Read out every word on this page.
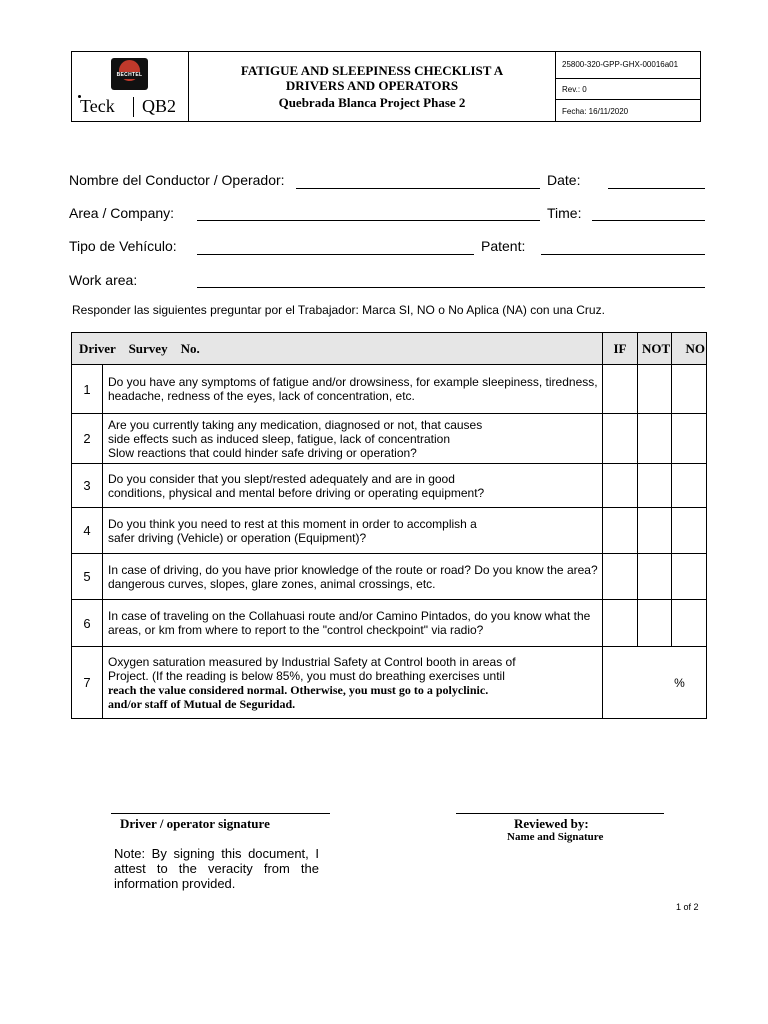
BECHTEL
Teck QB2
FATIGUE AND SLEEPINESS CHECKLIST A
DRIVERS AND OPERATORS
Quebrada Blanca Project Phase 2
25800-320-GPP-GHX-00016a01
Rev.: 0
Fecha: 16/11/2020
Nombre del Conductor / Operador:	Date:
Area / Company:	Time:
Tipo de Vehículo:	Patent:
Work area:
Responder las siguientes preguntar por el Trabajador: Marca SI, NO o No Aplica (NA) con una Cruz.
Driver    Survey    No.		IF	NOT	NO
1	Do you have any symptoms of fatigue and/or drowsiness, for example sleepiness, tiredness,
headache, redness of the eyes, lack of concentration, etc.			

2	Are you currently taking any medication, diagnosed or not, that causes
side effects such as induced sleep, fatigue, lack of concentration
Slow reactions that could hinder safe driving or operation?			

3	Do you consider that you slept/rested adequately and are in good
conditions, physical and mental before driving or operating equipment?			

4	Do you think you need to rest at this moment in order to accomplish a
safer driving (Vehicle) or operation (Equipment)?			

5	In case of driving, do you have prior knowledge of the route or road? Do you know the area?
dangerous curves, slopes, glare zones, animal crossings, etc.			

6	In case of traveling on the Collahuasi route and/or Camino Pintados, do you know what the
areas, or km from where to report to the "control checkpoint" via radio?			

7	Oxygen saturation measured by Industrial Safety at Control booth in areas of
Project. (If the reading is below 85%, you must do breathing exercises until
reach the value considered normal. Otherwise, you must go to a polyclinic.
and/or staff of Mutual de Seguridad.	%		
Driver / operator signature	Reviewed by:
Name and Signature
Note: By signing this document, I attest to the veracity from the information provided.
1 of 2
